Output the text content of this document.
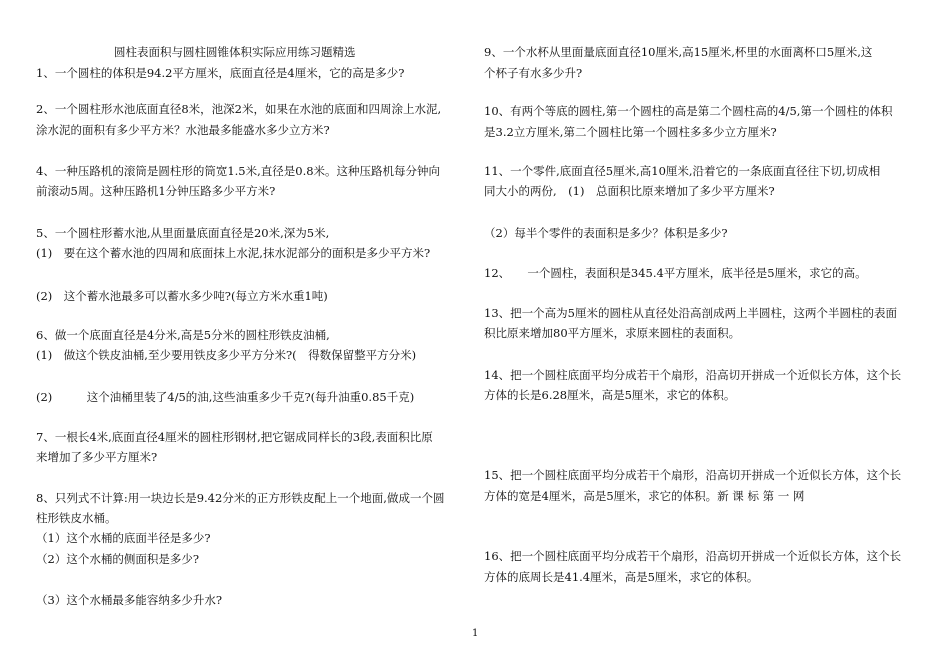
圆柱表面积与圆柱圆锥体积实际应用练习题精选
1、一个圆柱的体积是94.2平方厘米，底面直径是4厘米，它的高是多少?
2、一个圆柱形水池底面直径8米，池深2米，如果在水池的底面和四周涂上水泥,
涂水泥的面积有多少平方米？水池最多能盛水多少立方米?
4、一种压路机的滚筒是圆柱形的筒宽1.5米,直径是0.8米。这种压路机每分钟向
前滚动5周。这种压路机1分钟压路多少平方米?
5、一个圆柱形蓄水池,从里面量底面直径是20米,深为5米,
(1)　要在这个蓄水池的四周和底面抹上水泥,抹水泥部分的面积是多少平方米?
(2)　这个蓄水池最多可以蓄水多少吨?(每立方米水重1吨)
6、做一个底面直径是4分米,高是5分米的圆柱形铁皮油桶,
(1)　做这个铁皮油桶,至少要用铁皮多少平方分米?(　得数保留整平方分米)
(2)　　　这个油桶里装了4/5的油,这些油重多少千克?(每升油重0.85千克)
7、一根长4米,底面直径4厘米的圆柱形钢材,把它锯成同样长的3段,表面积比原
来增加了多少平方厘米?
8、只列式不计算:用一块边长是9.42分米的正方形铁皮配上一个地面,做成一个圆
柱形铁皮水桶。
（1）这个水桶的底面半径是多少?
（2）这个水桶的侧面积是多少?
（3）这个水桶最多能容纳多少升水?
9、一个水杯从里面量底面直径10厘米,高15厘米,杯里的水面离杯口5厘米,这
个杯子有水多少升?
10、有两个等底的圆柱,第一个圆柱的高是第二个圆柱高的4/5,第一个圆柱的体积
是3.2立方厘米,第二个圆柱比第一个圆柱多多少立方厘米?
11、一个零件,底面直径5厘米,高10厘米,沿着它的一条底面直径往下切,切成相
同大小的两份,　(1)　总面积比原来增加了多少平方厘米?
（2）每半个零件的表面积是多少？体积是多少?
12、　　一个圆柱，表面积是345.4平方厘米，底半径是5厘米，求它的高。
13、把一个高为5厘米的圆柱从直径处沿高剖成两上半圆柱，这两个半圆柱的表面
积比原来增加80平方厘米，求原来圆柱的表面积。
14、把一个圆柱底面平均分成若干个扇形，沿高切开拼成一个近似长方体，这个长
方体的长是6.28厘米，高是5厘米，求它的体积。
15、把一个圆柱底面平均分成若干个扇形，沿高切开拼成一个近似长方体，这个长
方体的宽是4厘米，高是5厘米，求它的体积。新 课 标 第 一 网
16、把一个圆柱底面平均分成若干个扇形，沿高切开拼成一个近似长方体，这个长
方体的底周长是41.4厘米，高是5厘米，求它的体积。
1
